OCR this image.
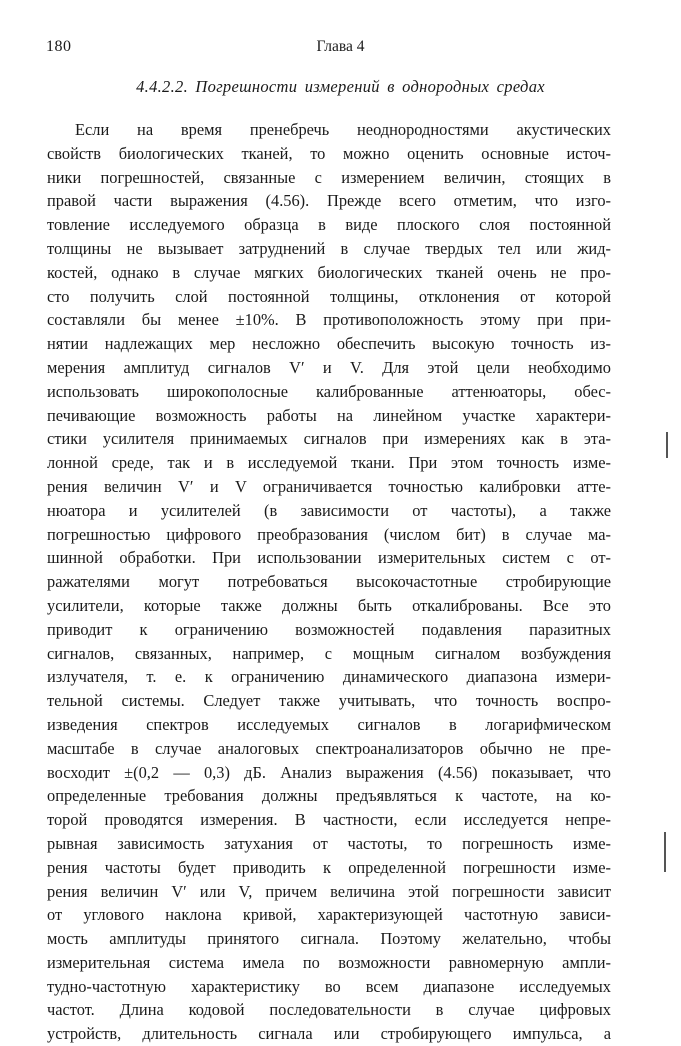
180	Глава 4
4.4.2.2. Погрешности измерений в однородных средах
Если на время пренебречь неоднородностями акустических
свойств биологических тканей, то можно оценить основные источ-
ники погрешностей, связанные с измерением величин, стоящих в
правой части выражения (4.56). Прежде всего отметим, что изго-
товление исследуемого образца в виде плоского слоя постоянной
толщины не вызывает затруднений в случае твердых тел или жид-
костей, однако в случае мягких биологических тканей очень не про-
сто получить слой постоянной толщины, отклонения от которой
составляли бы менее ±10%. В противоположность этому при при-
нятии надлежащих мер несложно обеспечить высокую точность из-
мерения амплитуд сигналов V′ и V. Для этой цели необходимо
использовать широкополосные калиброванные аттенюаторы, обес-
печивающие возможность работы на линейном участке характери-
стики усилителя принимаемых сигналов при измерениях как в эта-
лонной среде, так и в исследуемой ткани. При этом точность изме-
рения величин V′ и V ограничивается точностью калибровки атте-
нюатора и усилителей (в зависимости от частоты), а также
погрешностью цифрового преобразования (числом бит) в случае ма-
шинной обработки. При использовании измерительных систем с от-
ражателями могут потребоваться высокочастотные стробирующие
усилители, которые также должны быть откалиброваны. Все это
приводит к ограничению возможностей подавления паразитных
сигналов, связанных, например, с мощным сигналом возбуждения
излучателя, т. е. к ограничению динамического диапазона измери-
тельной системы. Следует также учитывать, что точность воспро-
изведения спектров исследуемых сигналов в логарифмическом
масштабе в случае аналоговых спектроанализаторов обычно не пре-
восходит ±(0,2 — 0,3) дБ. Анализ выражения (4.56) показывает, что
определенные требования должны предъявляться к частоте, на ко-
торой проводятся измерения. В частности, если исследуется непре-
рывная зависимость затухания от частоты, то погрешность изме-
рения частоты будет приводить к определенной погрешности изме-
рения величин V′ или V, причем величина этой погрешности зависит
от углового наклона кривой, характеризующей частотную зависи-
мость амплитуды принятого сигнала. Поэтому желательно, чтобы
измерительная система имела по возможности равномерную ампли-
тудно-частотную характеристику во всем диапазоне исследуемых
частот. Длина кодовой последовательности в случае цифровых
устройств, длительность сигнала или стробирующего импульса, а
